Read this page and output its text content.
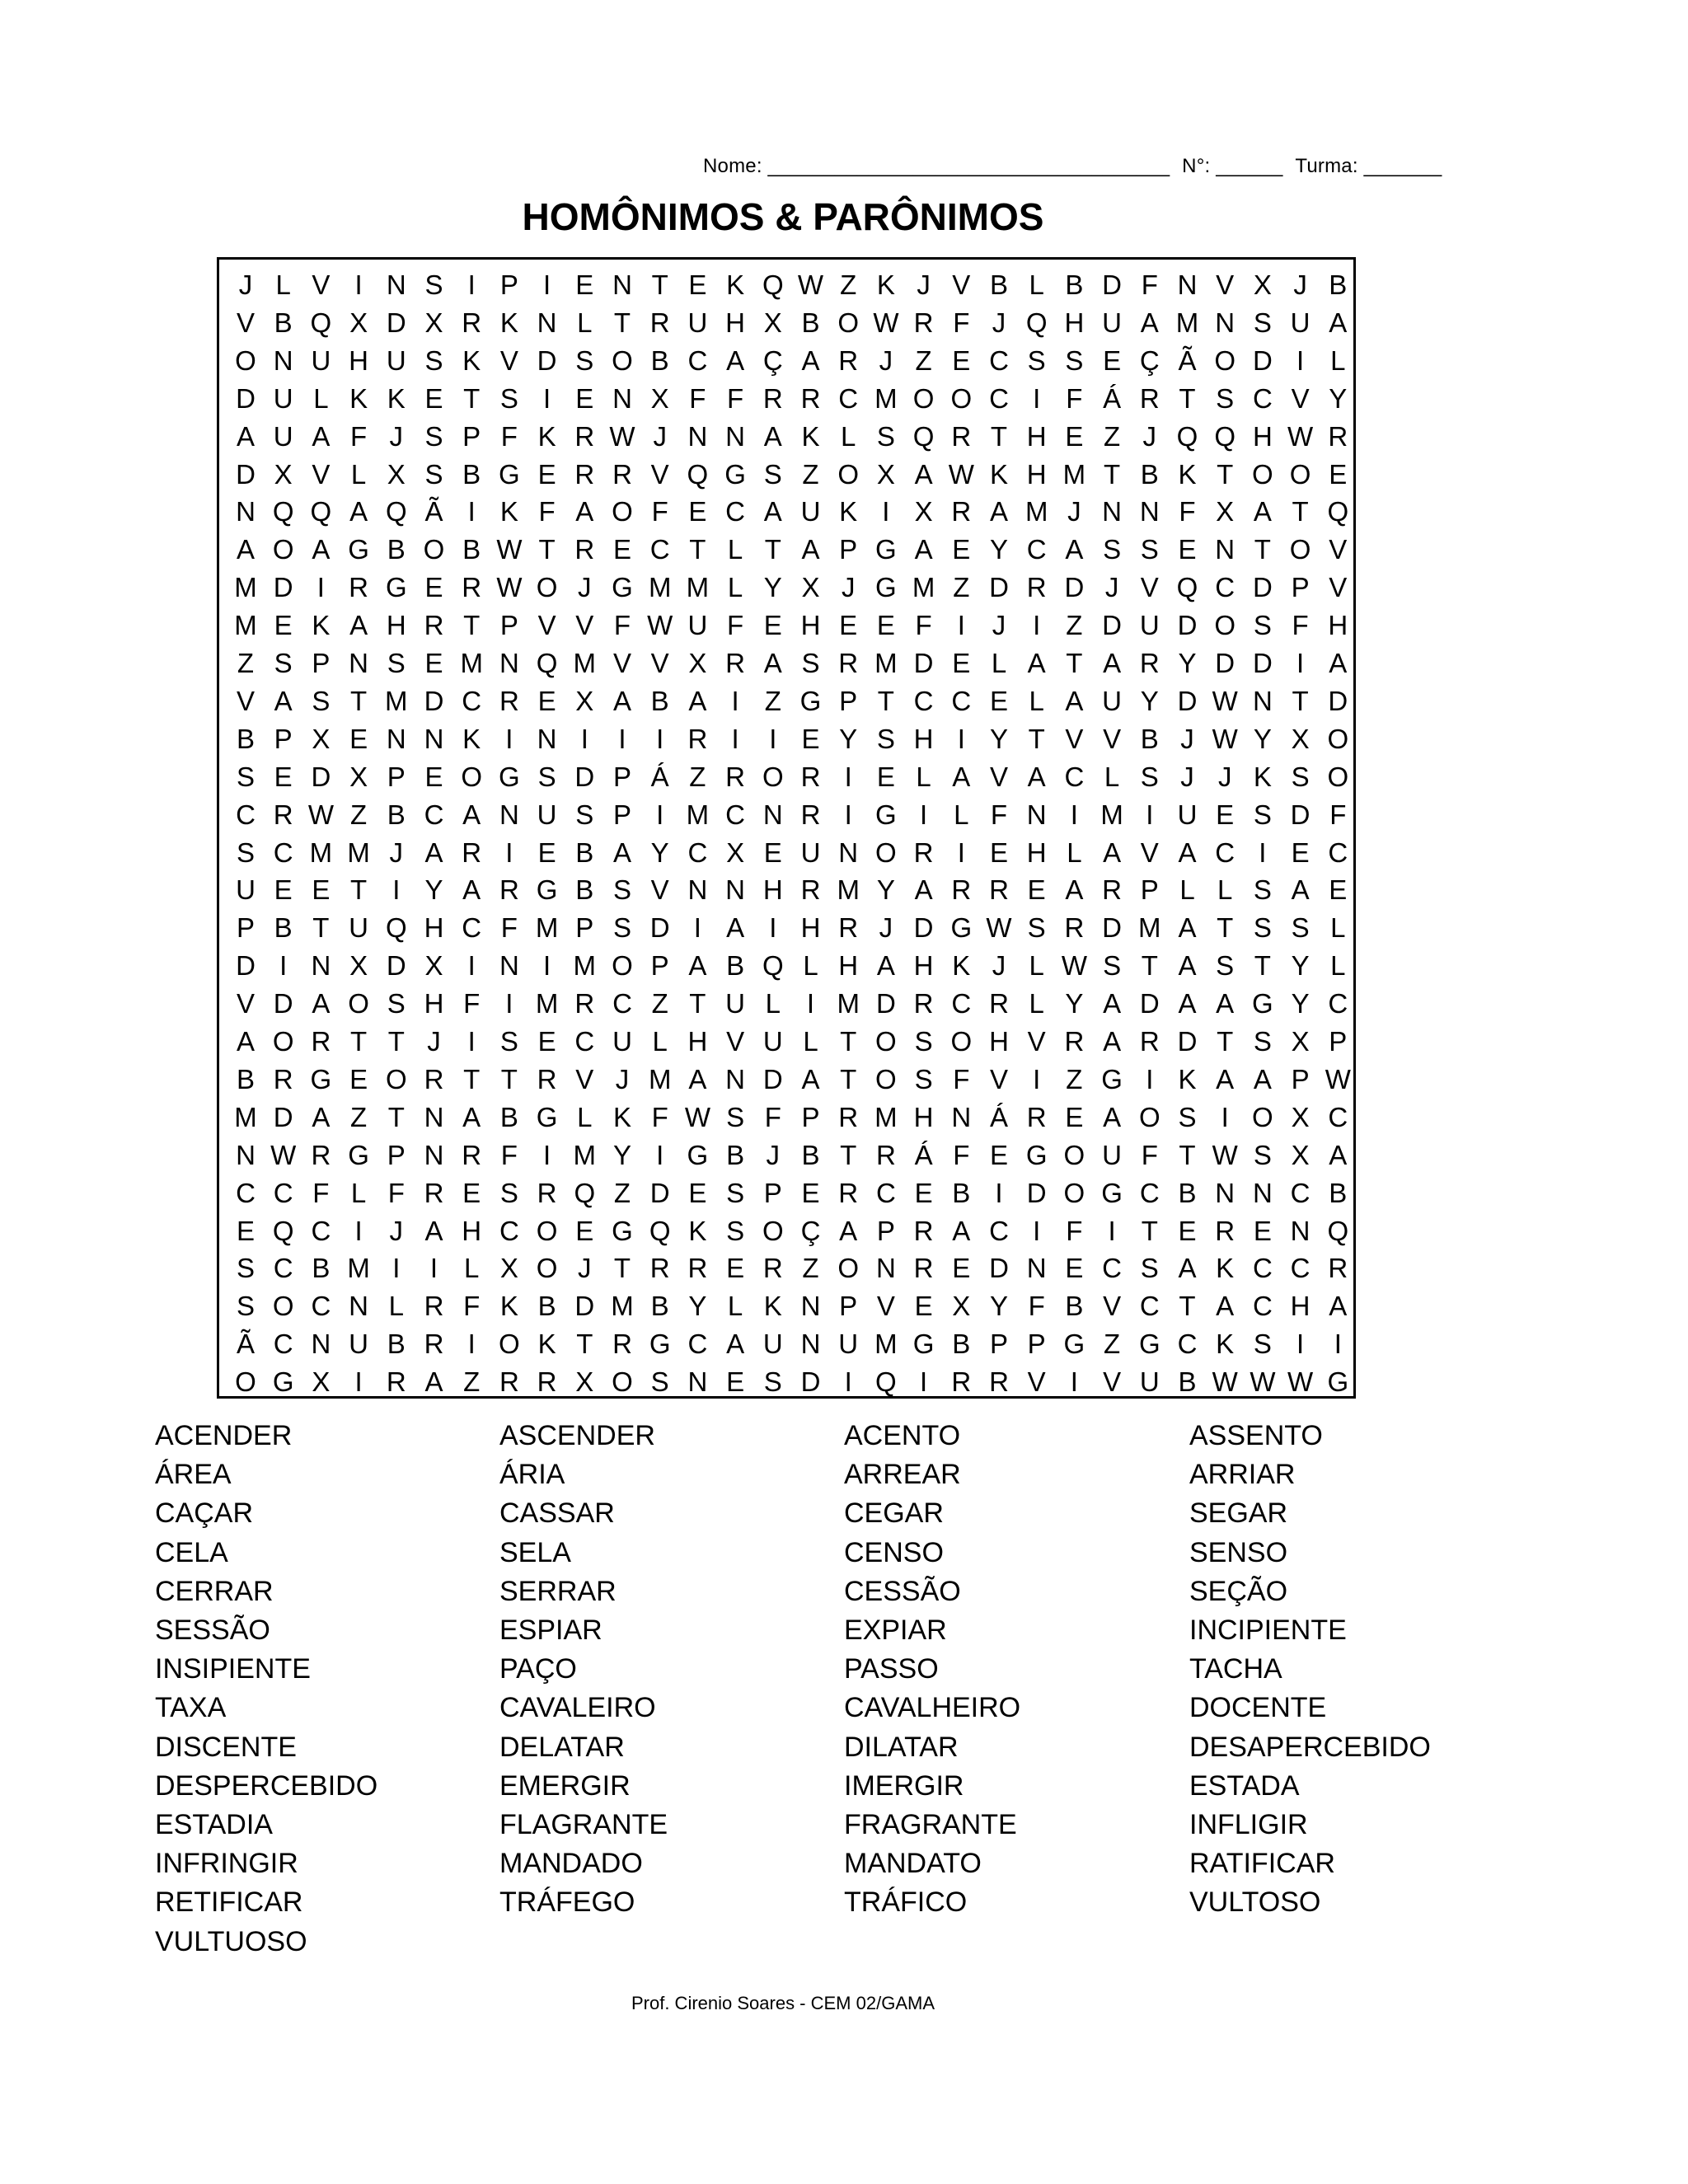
Nome: ____________________________________ N°: ______ Turma: _______
HOMÔNIMOS & PARÔNIMOS
J L V I N S I P I E N T E K Q W Z K J V B L B D F N V X J B
V B Q X D X R K N L T R U H X B O W R F J Q H U A M N S U A
O N U H U S K V D S O B C A Ç A R J Z E C S S E Ç Ã O D I L
D U L K K E T S I E N X F F R R C M O O C I F Á R T S C V Y
A U A F J S P F K R W J N N A K L S Q R T H E Z J Q Q H W R
D X V L X S B G E R R V Q G S Z O X A W K H M T B K T O O E
N Q Q A Q Ã I K F A O F E C A U K I X R A M J N N F X A T Q
A O A G B O B W T R E C T L T A P G A E Y C A S S E N T O V
M D I R G E R W O J G M M L Y X J G M Z D R D J V Q C D P V
M E K A H R T P V V F W U F E H E E F I J I Z D U D O S F H
Z S P N S E M N Q M V V X R A S R M D E L A T A R Y D D I A
V A S T M D C R E X A B A I Z G P T C C E L A U Y D W N T D
B P X E N N K I N I	I	I R I	I E Y S H I Y T V V B J W Y X O
S E D X P E O G S D P Á Z R O R I E L A V A C L S J J K S O
C R W Z B C A N U S P I M C N R I G I L F N I M I U E S D F
S C M M J A R I E B A Y C X E U N O R I E H L A V A C I E C
U E E T I Y A R G B S V N N H R M Y A R R E A R P L L S A E
P B T U Q H C F M P S D I A I H R J D G W S R D M A T S S L
D I N X D X I N I M O P A B Q L H A H K J L W S T A S T Y L
V D A O S H F I M R C Z T U L I M D R C R L Y A D A A G Y C
A O R T T J I S E C U L H V U L T O S O H V R A R D T S X P
B R G E O R T T R V J M A N D A T O S F V I Z G I K A A P W
M D A Z T N A B G L K F W S F P R M H N Á R E A O S I O X C
N W R G P N R F I M Y I G B J B T R Á F E G O U F T W S X A
C C F L F R E S R Q Z D E S P E R C E B I D O G C B N N C B
E Q C I J A H C O E G Q K S O Ç A P R A C I F I T E R E N Q
S C B M I	I L X O J T R R E R Z O N R E D N E C S A K C C R
S O C N L R F K B D M B Y L K N P V E X Y F B V C T A C H A
Ã C N U B R I O K T R G C A U N U M G B P P G Z G C K S I	I
O G X I R A Z R R X O S N E S D I Q I R R V I V U B W W W G
ACENDER	ASCENDER	ACENTO	ASSENTO
ÁREA	ÁRIA	ARREAR	ARRIAR
CAÇAR	CASSAR	CEGAR	SEGAR
CELA	SELA	CENSO	SENSO
CERRAR	SERRAR	CESSÃO	SEÇÃO
SESSÃO	ESPIAR	EXPIAR	INCIPIENTE
INSIPIENTE	PAÇO	PASSO	TACHA
TAXA	CAVALEIRO	CAVALHEIRO	DOCENTE
DISCENTE	DELATAR	DILATAR	DESAPERCEBIDO
DESPERCEBIDO	EMERGIR	IMERGIR	ESTADA
ESTADIA	FLAGRANTE	FRAGRANTE	INFLIGIR
INFRINGIR	MANDADO	MANDATO	RATIFICAR
RETIFICAR	TRÁFEGO	TRÁFICO	VULTOSO
VULTUOSO
Prof. Cirenio Soares - CEM 02/GAMA
